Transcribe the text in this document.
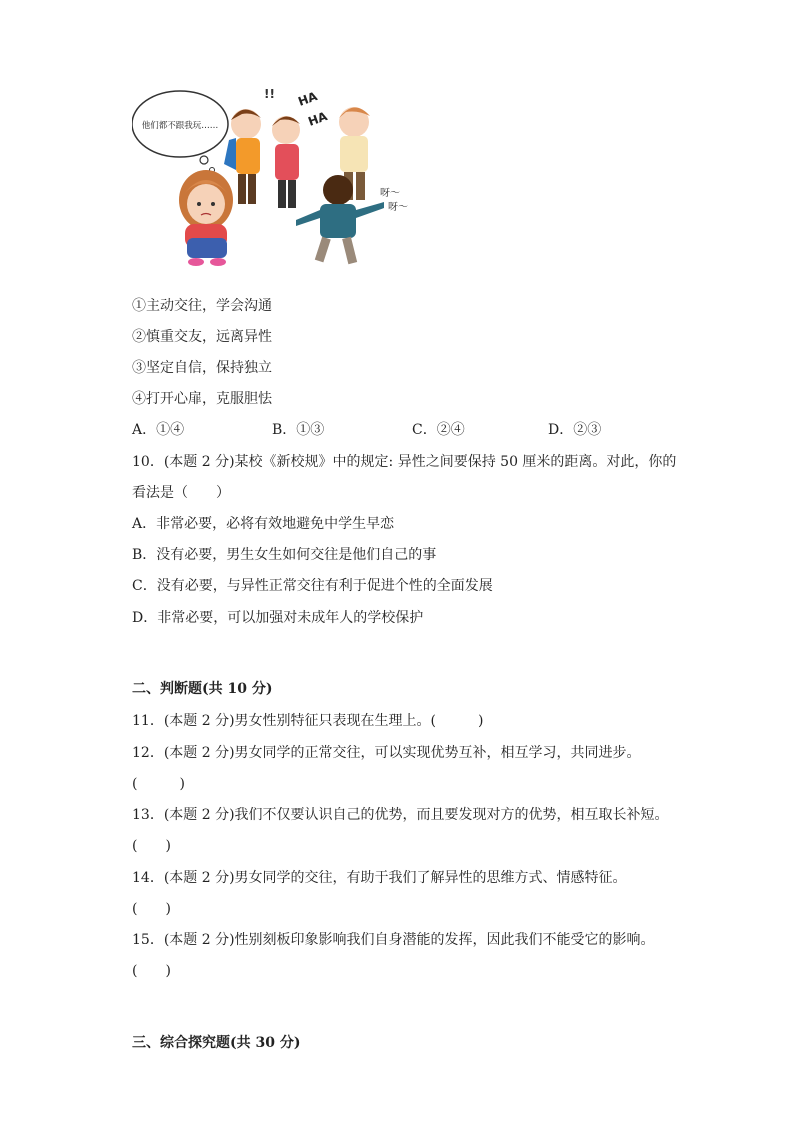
他们都不跟我玩……
!! HA
HA
呀～
呀～
①主动交往，学会沟通
②慎重交友，远离异性
③坚定自信，保持独立
④打开心扉，克服胆怯
A．①④	B．①③	C．②④	D．②③
10．(本题 2 分)某校《新校规》中的规定: 异性之间要保持 50 厘米的距离。对此，你的
看法是（　　）
A．非常必要，必将有效地避免中学生早恋
B．没有必要，男生女生如何交往是他们自己的事
C．没有必要，与异性正常交往有利于促进个性的全面发展
D．非常必要，可以加强对未成年人的学校保护
二、判断题(共 10 分)
11．(本题 2 分)男女性别特征只表现在生理上。(　　　)
12．(本题 2 分)男女同学的正常交往，可以实现优势互补，相互学习，共同进步。
(　　　)
13．(本题 2 分)我们不仅要认识自己的优势，而且要发现对方的优势，相互取长补短。
(　　)
14．(本题 2 分)男女同学的交往，有助于我们了解异性的思维方式、情感特征。
(　　)
15．(本题 2 分)性别刻板印象影响我们自身潜能的发挥，因此我们不能受它的影响。
(　　)
三、综合探究题(共 30 分)
